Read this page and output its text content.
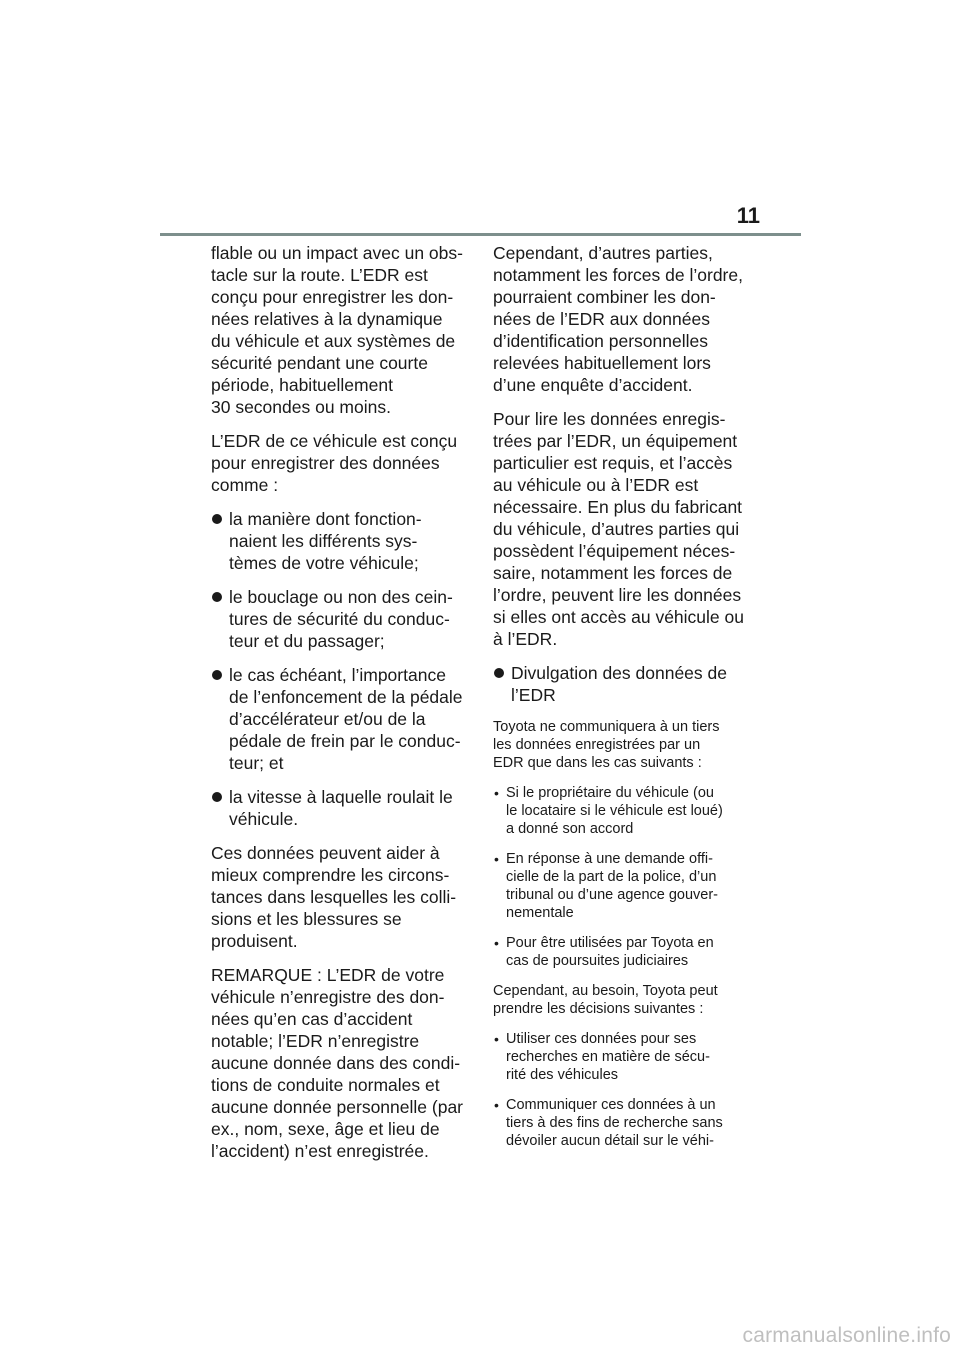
11
flable ou un impact avec un obs-
tacle sur la route. L’EDR est
conçu pour enregistrer les don-
nées relatives à la dynamique
du véhicule et aux systèmes de
sécurité pendant une courte
période, habituellement
30 secondes ou moins.
L’EDR de ce véhicule est conçu
pour enregistrer des données
comme :
la manière dont fonction-
naient les différents sys-
tèmes de votre véhicule;
le bouclage ou non des cein-
tures de sécurité du conduc-
teur et du passager;
le cas échéant, l’importance
de l’enfoncement de la pédale
d’accélérateur et/ou de la
pédale de frein par le conduc-
teur; et
la vitesse à laquelle roulait le
véhicule.
Ces données peuvent aider à
mieux comprendre les circons-
tances dans lesquelles les colli-
sions et les blessures se
produisent.
REMARQUE : L’EDR de votre
véhicule n’enregistre des don-
nées qu’en cas d’accident
notable; l’EDR n’enregistre
aucune donnée dans des condi-
tions de conduite normales et
aucune donnée personnelle (par
ex., nom, sexe, âge et lieu de
l’accident) n’est enregistrée.
Cependant, d’autres parties,
notamment les forces de l’ordre,
pourraient combiner les don-
nées de l’EDR aux données
d’identification personnelles
relevées habituellement lors
d’une enquête d’accident.
Pour lire les données enregis-
trées par l’EDR, un équipement
particulier est requis, et l’accès
au véhicule ou à l’EDR est
nécessaire. En plus du fabricant
du véhicule, d’autres parties qui
possèdent l’équipement néces-
saire, notamment les forces de
l’ordre, peuvent lire les données
si elles ont accès au véhicule ou
à l’EDR.
Divulgation des données de
l’EDR
Toyota ne communiquera à un tiers
les données enregistrées par un
EDR que dans les cas suivants :
• Si le propriétaire du véhicule (ou
le locataire si le véhicule est loué)
a donné son accord
• En réponse à une demande offi-
cielle de la part de la police, d’un
tribunal ou d’une agence gouver-
nementale
• Pour être utilisées par Toyota en
cas de poursuites judiciaires
Cependant, au besoin, Toyota peut
prendre les décisions suivantes :
• Utiliser ces données pour ses
recherches en matière de sécu-
rité des véhicules
• Communiquer ces données à un
tiers à des fins de recherche sans
dévoiler aucun détail sur le véhi-
carmanualsonline.info
